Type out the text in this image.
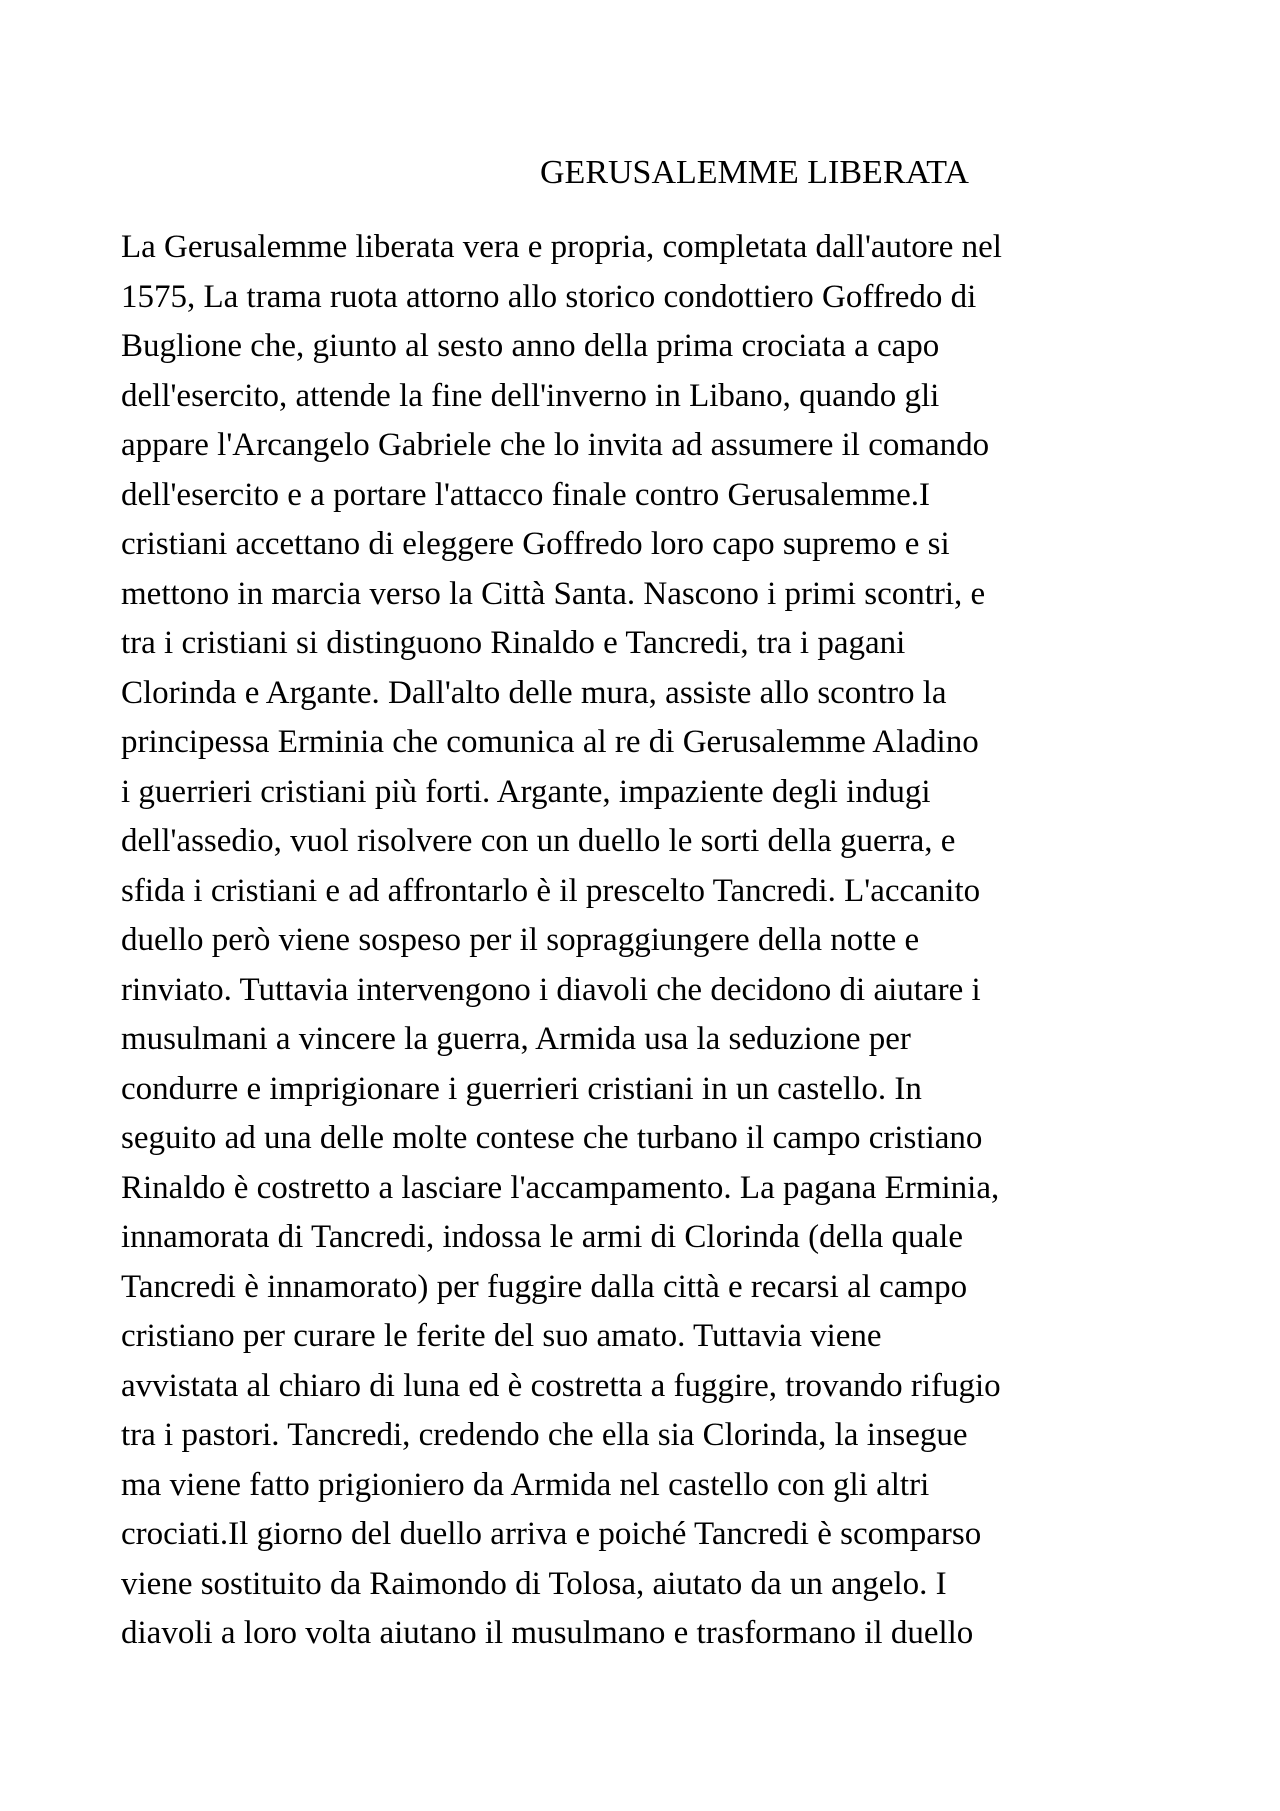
GERUSALEMME LIBERATA
La Gerusalemme liberata vera e propria, completata dall'autore nel
1575, La trama ruota attorno allo storico condottiero Goffredo di
Buglione che, giunto al sesto anno della prima crociata a capo
dell'esercito, attende la fine dell'inverno in Libano, quando gli
appare l'Arcangelo Gabriele che lo invita ad assumere il comando
dell'esercito e a portare l'attacco finale contro Gerusalemme.I
cristiani accettano di eleggere Goffredo loro capo supremo e si
mettono in marcia verso la Città Santa. Nascono i primi scontri, e
tra i cristiani si distinguono Rinaldo e Tancredi, tra i pagani
Clorinda e Argante. Dall'alto delle mura, assiste allo scontro la
principessa Erminia che comunica al re di Gerusalemme Aladino
i guerrieri cristiani più forti. Argante, impaziente degli indugi
dell'assedio, vuol risolvere con un duello le sorti della guerra, e
sfida i cristiani e ad affrontarlo è il prescelto Tancredi. L'accanito
duello però viene sospeso per il sopraggiungere della notte e
rinviato. Tuttavia intervengono i diavoli che decidono di aiutare i
musulmani a vincere la guerra, Armida usa la seduzione per
condurre e imprigionare i guerrieri cristiani in un castello. In
seguito ad una delle molte contese che turbano il campo cristiano
Rinaldo è costretto a lasciare l'accampamento. La pagana Erminia,
innamorata di Tancredi, indossa le armi di Clorinda (della quale
Tancredi è innamorato) per fuggire dalla città e recarsi al campo
cristiano per curare le ferite del suo amato. Tuttavia viene
avvistata al chiaro di luna ed è costretta a fuggire, trovando rifugio
tra i pastori. Tancredi, credendo che ella sia Clorinda, la insegue
ma viene fatto prigioniero da Armida nel castello con gli altri
crociati.Il giorno del duello arriva e poiché Tancredi è scomparso
viene sostituito da Raimondo di Tolosa, aiutato da un angelo. I
diavoli a loro volta aiutano il musulmano e trasformano il duello
